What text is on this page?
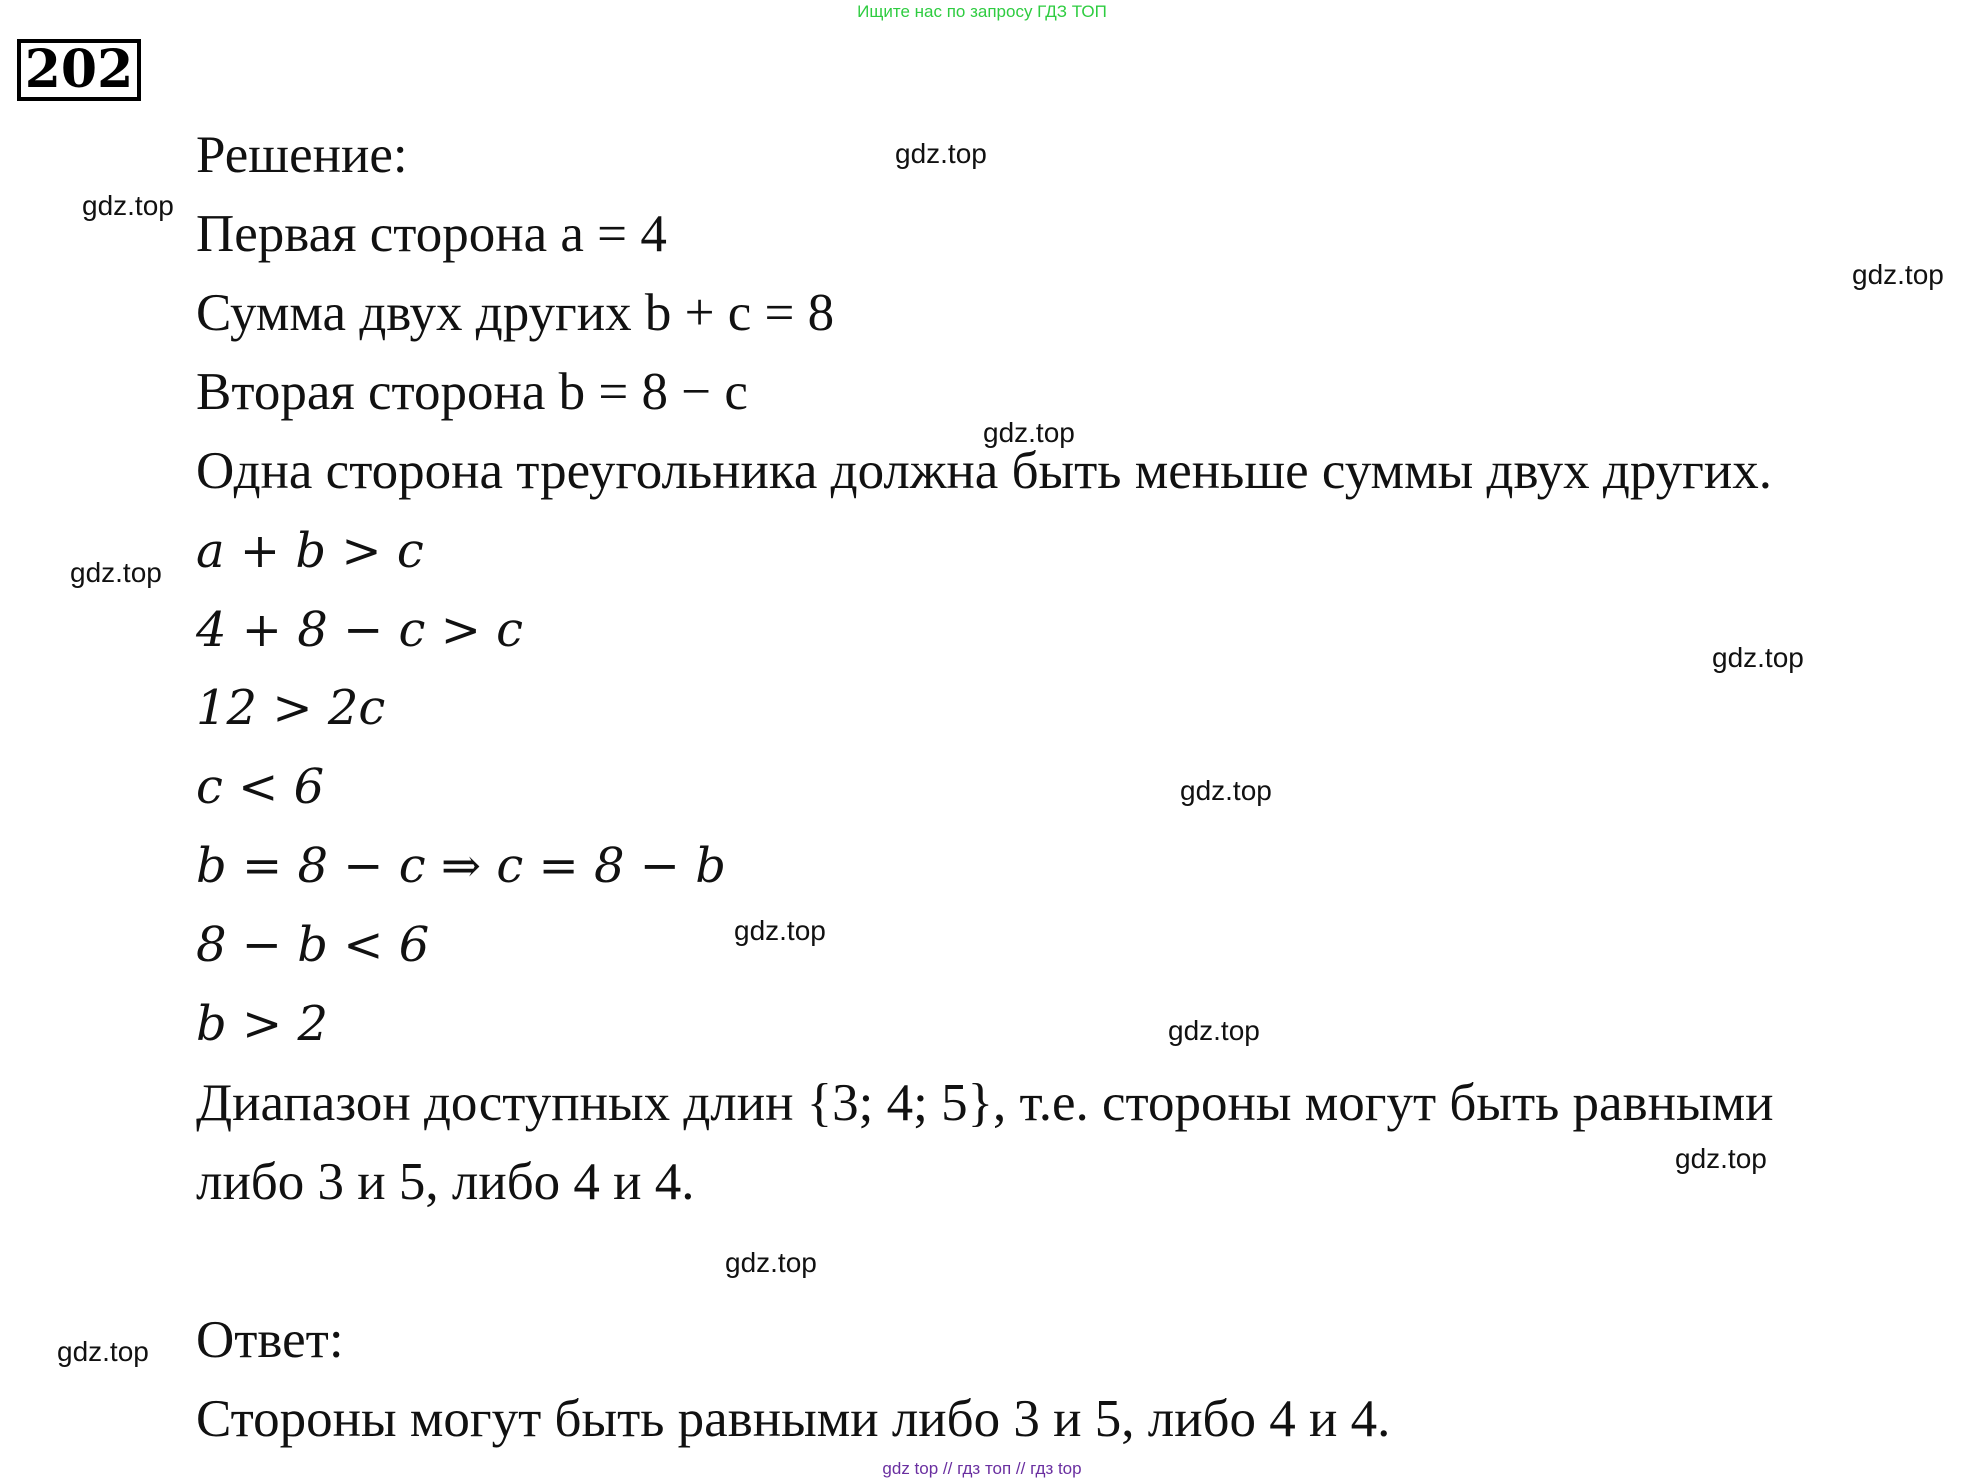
Ищите нас по запросу ГДЗ ТОП
202
Решение:
Первая сторона a = 4
Сумма двух других b + c = 8
Вторая сторона b = 8 − c
Одна сторона треугольника должна быть меньше суммы двух других.
a + b > c
4 + 8 − c > c
12 > 2c
c < 6
b = 8 − c ⇒ c = 8 − b
8 − b < 6
b > 2
Диапазон доступных длин {3; 4; 5}, т.е. стороны могут быть равными
либо 3 и 5, либо 4 и 4.
Ответ:
Стороны могут быть равными либо 3 и 5, либо 4 и 4.
gdz.top
gdz.top
gdz.top
gdz.top
gdz.top
gdz.top
gdz.top
gdz.top
gdz.top
gdz.top
gdz.top
gdz.top
gdz top // гдз топ // гдз top
